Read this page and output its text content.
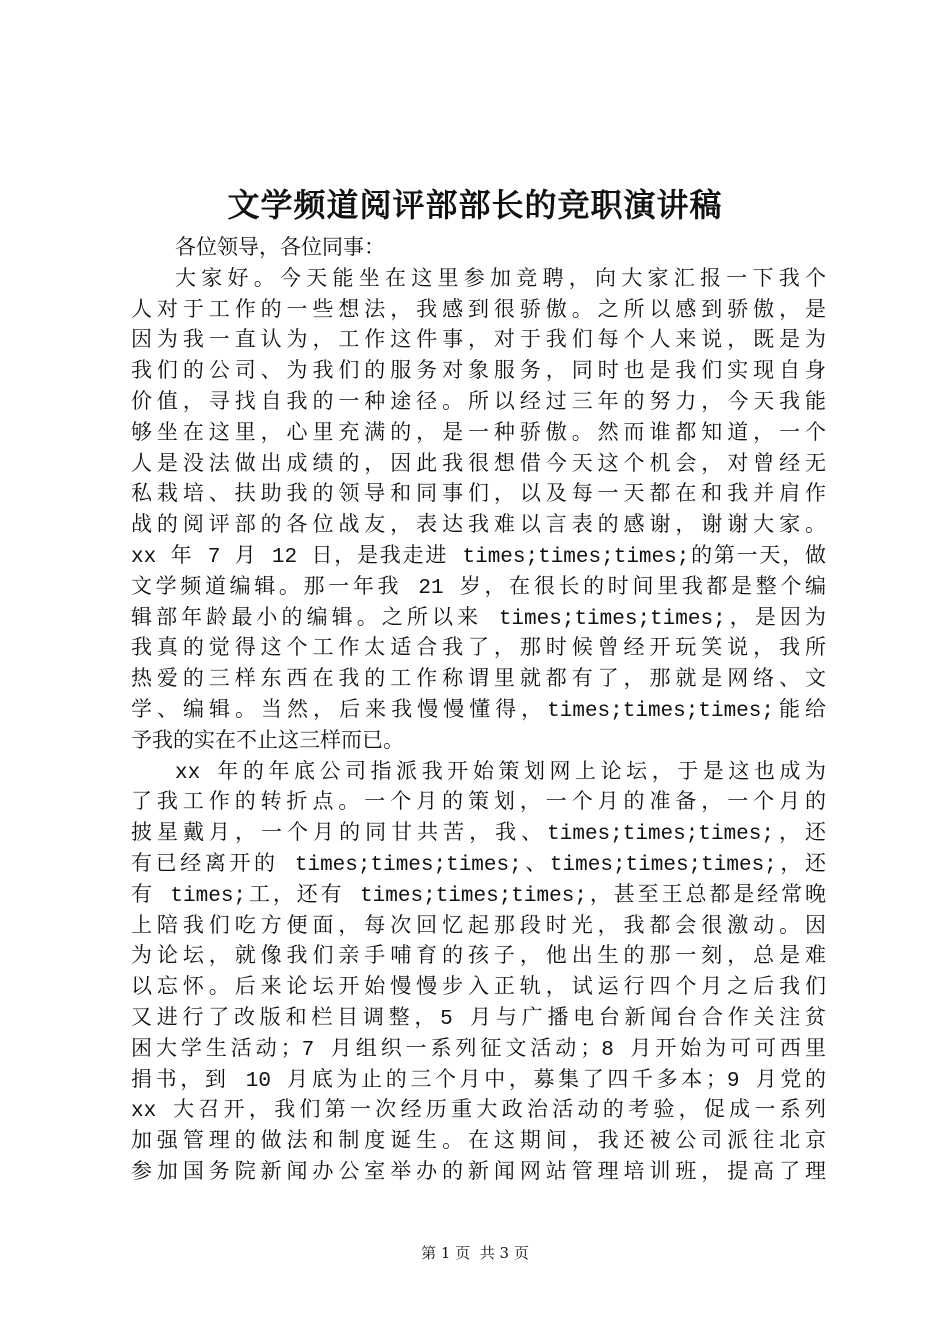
文学频道阅评部部长的竞职演讲稿
各位领导，各位同事：
大家好。今天能坐在这里参加竞聘，向大家汇报一下我个
人对于工作的一些想法，我感到很骄傲。之所以感到骄傲，是
因为我一直认为，工作这件事，对于我们每个人来说，既是为
我们的公司、为我们的服务对象服务，同时也是我们实现自身
价值，寻找自我的一种途径。所以经过三年的努力，今天我能
够坐在这里，心里充满的，是一种骄傲。然而谁都知道，一个
人是没法做出成绩的，因此我很想借今天这个机会，对曾经无
私栽培、扶助我的领导和同事们，以及每一天都在和我并肩作
战的阅评部的各位战友，表达我难以言表的感谢，谢谢大家。
xx 年 7 月 12 日，是我走进 times;times;times;的第一天，做
文学频道编辑。那一年我 21 岁，在很长的时间里我都是整个编
辑部年龄最小的编辑。之所以来 times;times;times;，是因为
我真的觉得这个工作太适合我了，那时候曾经开玩笑说，我所
热爱的三样东西在我的工作称谓里就都有了，那就是网络、文
学、编辑。当然，后来我慢慢懂得，times;times;times;能给
予我的实在不止这三样而已。
xx 年的年底公司指派我开始策划网上论坛，于是这也成为
了我工作的转折点。一个月的策划，一个月的准备，一个月的
披星戴月，一个月的同甘共苦，我、times;times;times;，还
有已经离开的 times;times;times;、times;times;times;，还
有 times;工，还有 times;times;times;，甚至王总都是经常晚
上陪我们吃方便面，每次回忆起那段时光，我都会很激动。因
为论坛，就像我们亲手哺育的孩子，他出生的那一刻，总是难
以忘怀。后来论坛开始慢慢步入正轨，试运行四个月之后我们
又进行了改版和栏目调整，5 月与广播电台新闻台合作关注贫
困大学生活动；7 月组织一系列征文活动；8 月开始为可可西里
捐书，到 10 月底为止的三个月中，募集了四千多本；9 月党的
xx 大召开，我们第一次经历重大政治活动的考验，促成一系列
加强管理的做法和制度诞生。在这期间，我还被公司派往北京
参加国务院新闻办公室举办的新闻网站管理培训班，提高了理
第 1 页  共 3 页
